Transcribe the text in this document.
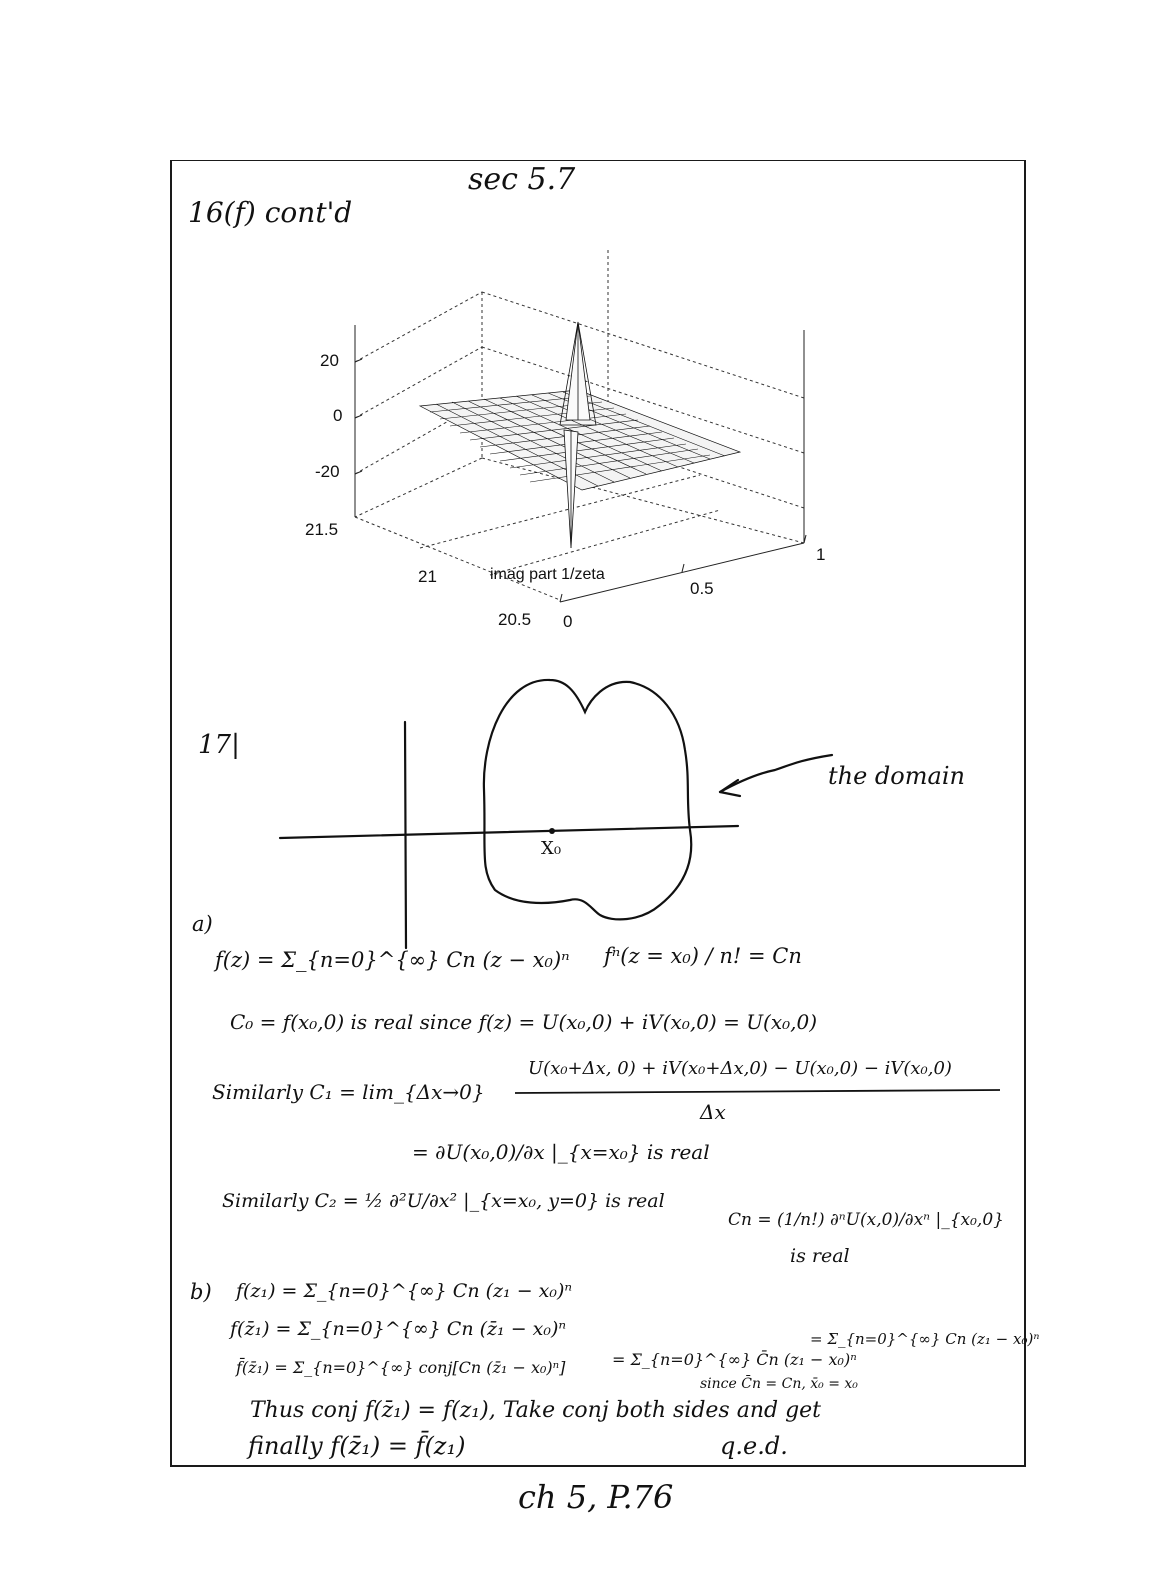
sec 5.7
16(f) cont'd
20
0
-20
21.5
21
20.5 0
0.5
1
imag part 1/zeta
17|
the domain
X₀
a)
f(z) = Σ_{n=0}^{∞} Cn (z − x₀)ⁿ fⁿ(z = x₀) / n! = Cn
C₀ = f(x₀,0) is real since f(z) = U(x₀,0) + iV(x₀,0) = U(x₀,0)
Similarly C₁ = lim_{Δx→0}
U(x₀+Δx, 0) + iV(x₀+Δx,0) − U(x₀,0) − iV(x₀,0)
Δx
= ∂U(x₀,0)/∂x |_{x=x₀} is real
Similarly C₂ = ½ ∂²U/∂x² |_{x=x₀, y=0} is real
Cn = (1/n!) ∂ⁿU(x,0)/∂xⁿ |_{x₀,0}
is real
b) f(z₁) = Σ_{n=0}^{∞} Cn (z₁ − x₀)ⁿ
f(z̄₁) = Σ_{n=0}^{∞} Cn (z̄₁ − x₀)ⁿ
f̄(z̄₁) = Σ_{n=0}^{∞} conj[Cn (z̄₁ − x₀)ⁿ]	= Σ_{n=0}^{∞} C̄n (z₁ − x₀)ⁿ
= Σ_{n=0}^{∞} Cn (z₁ − x₀)ⁿ
since C̄n = Cn, x̄₀ = x₀
Thus conj f(z̄₁) = f(z₁), Take conj both sides and get
finally f(z̄₁) = f̄(z₁)	q.e.d.
ch 5, P.76
